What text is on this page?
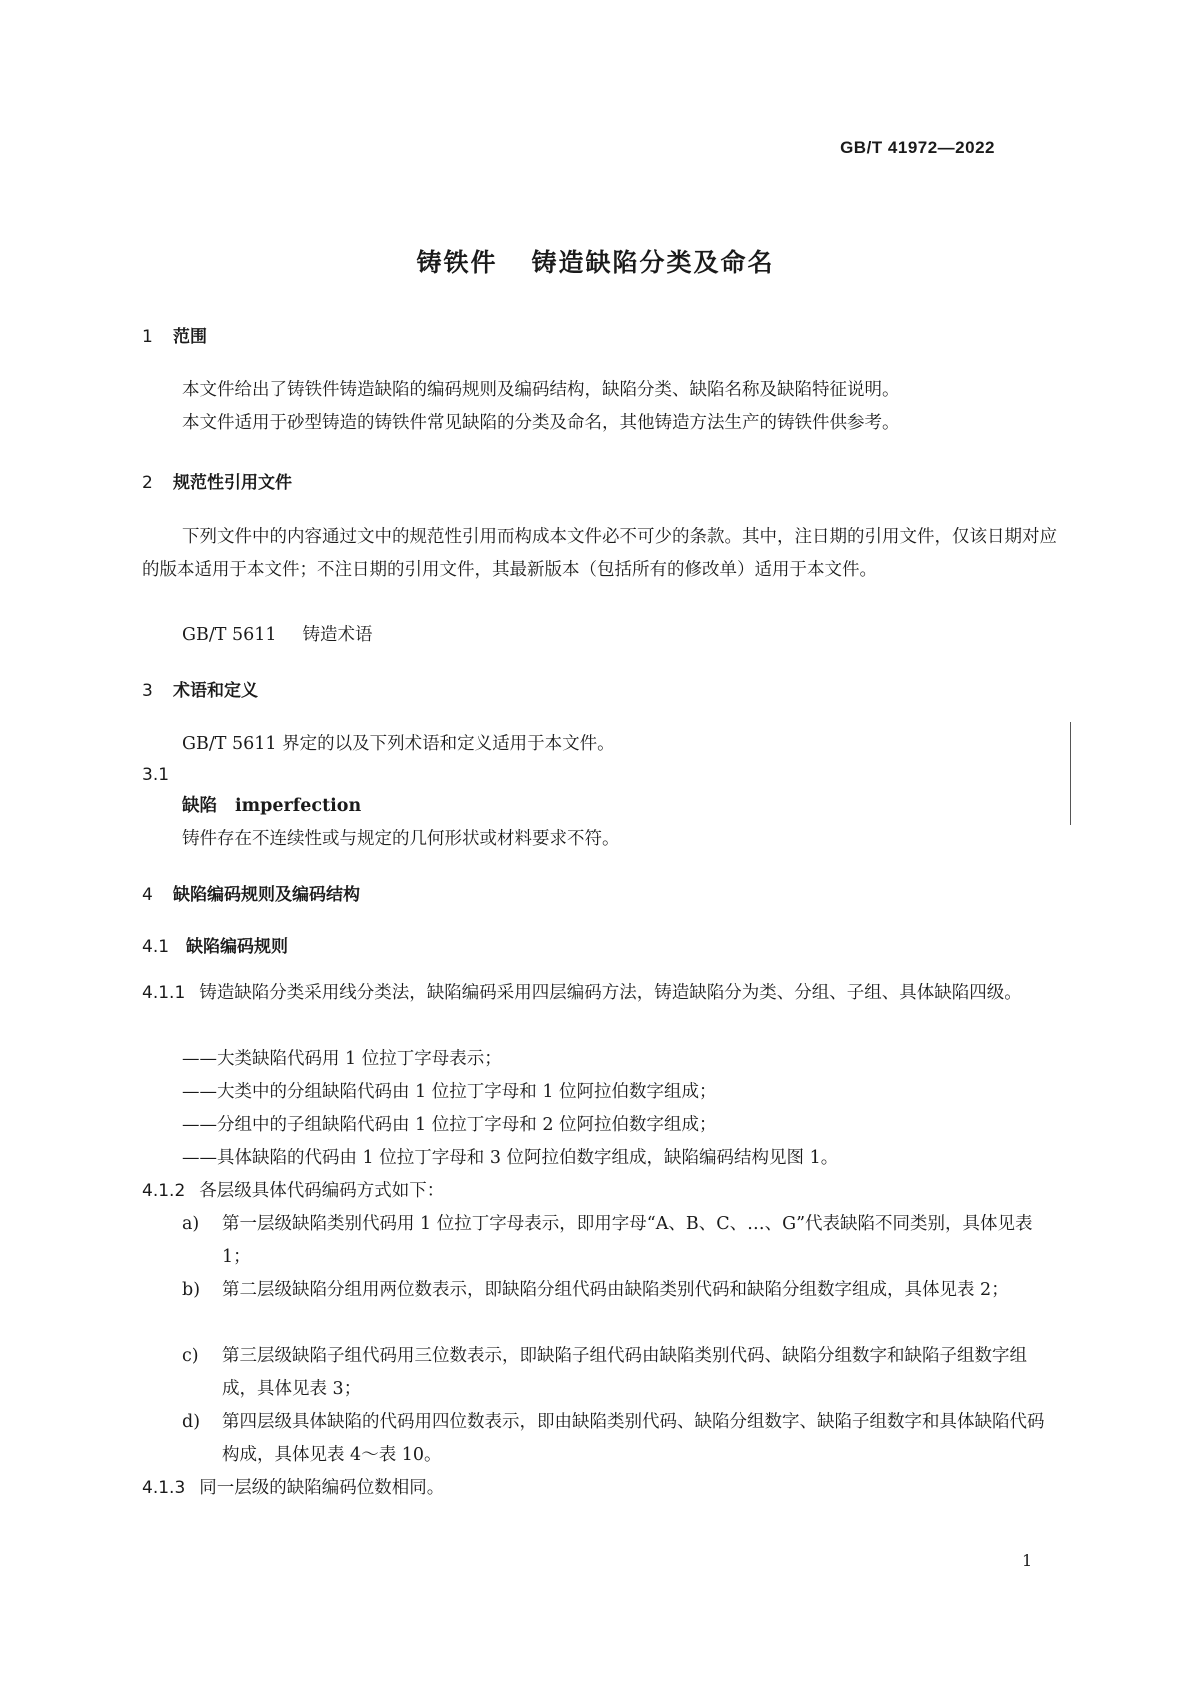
GB/T 41972—2022
铸铁件 铸造缺陷分类及命名
1 范围
本文件给出了铸铁件铸造缺陷的编码规则及编码结构，缺陷分类、缺陷名称及缺陷特征说明。
本文件适用于砂型铸造的铸铁件常见缺陷的分类及命名，其他铸造方法生产的铸铁件供参考。
2 规范性引用文件
下列文件中的内容通过文中的规范性引用而构成本文件必不可少的条款。其中，注日期的引用文件，仅该日期对应的版本适用于本文件；不注日期的引用文件，其最新版本（包括所有的修改单）适用于本文件。
GB/T 5611 铸造术语
3 术语和定义
GB/T 5611 界定的以及下列术语和定义适用于本文件。
3.1
缺陷 imperfection
铸件存在不连续性或与规定的几何形状或材料要求不符。
4 缺陷编码规则及编码结构
4.1 缺陷编码规则
4.1.1 铸造缺陷分类采用线分类法，缺陷编码采用四层编码方法，铸造缺陷分为类、分组、子组、具体缺陷四级。
——大类缺陷代码用 1 位拉丁字母表示；
——大类中的分组缺陷代码由 1 位拉丁字母和 1 位阿拉伯数字组成；
——分组中的子组缺陷代码由 1 位拉丁字母和 2 位阿拉伯数字组成；
——具体缺陷的代码由 1 位拉丁字母和 3 位阿拉伯数字组成，缺陷编码结构见图 1。
4.1.2 各层级具体代码编码方式如下：
a) 第一层级缺陷类别代码用 1 位拉丁字母表示，即用字母“A、B、C、…、G”代表缺陷不同类别，具体见表 1；
b) 第二层级缺陷分组用两位数表示，即缺陷分组代码由缺陷类别代码和缺陷分组数字组成，具体见表 2；
c) 第三层级缺陷子组代码用三位数表示，即缺陷子组代码由缺陷类别代码、缺陷分组数字和缺陷子组数字组成，具体见表 3；
d) 第四层级具体缺陷的代码用四位数表示，即由缺陷类别代码、缺陷分组数字、缺陷子组数字和具体缺陷代码构成，具体见表 4～表 10。
4.1.3 同一层级的缺陷编码位数相同。
1
